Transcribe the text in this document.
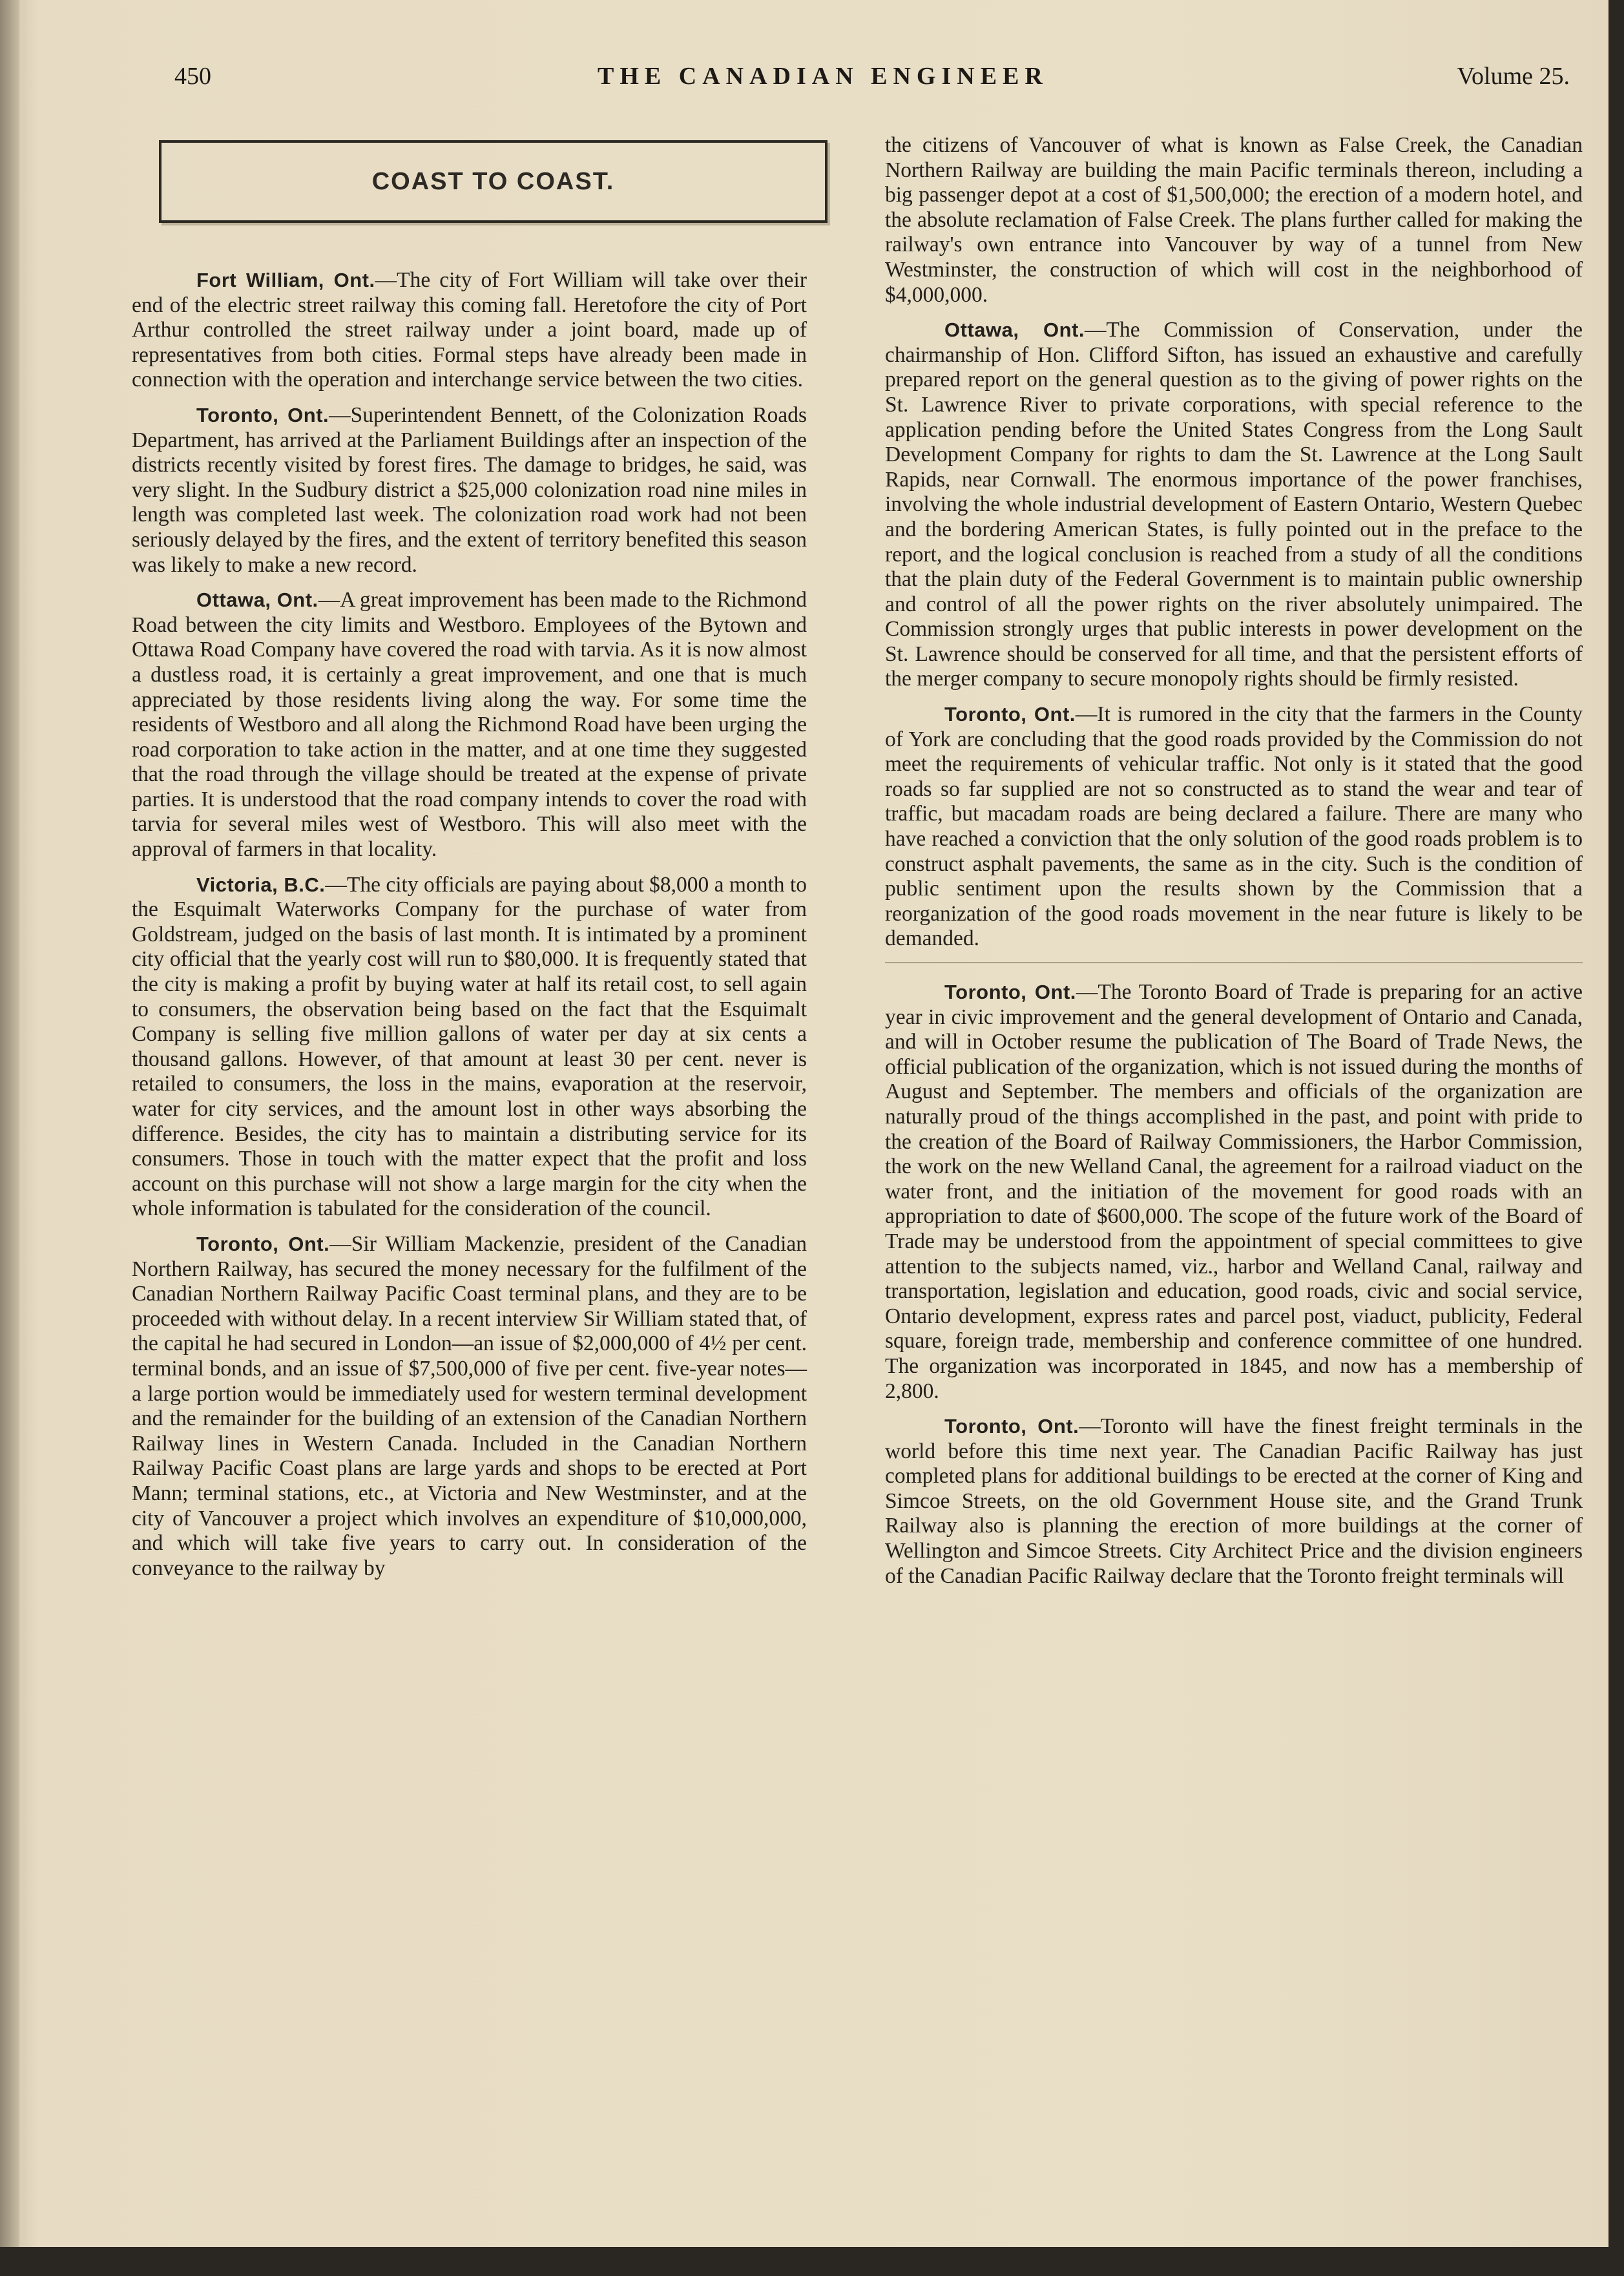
450	THE CANADIAN ENGINEER	Volume 25.
COAST TO COAST.

Fort William, Ont.—The city of Fort William will take over their end of the electric street railway this coming fall. Heretofore the city of Port Arthur controlled the street railway under a joint board, made up of representatives from both cities. Formal steps have already been made in connection with the operation and interchange service between the two cities.

Toronto, Ont.—Superintendent Bennett, of the Colonization Roads Department, has arrived at the Parliament Buildings after an inspection of the districts recently visited by forest fires. The damage to bridges, he said, was very slight. In the Sudbury district a $25,000 colonization road nine miles in length was completed last week. The colonization road work had not been seriously delayed by the fires, and the extent of territory benefited this season was likely to make a new record.

Ottawa, Ont.—A great improvement has been made to the Richmond Road between the city limits and Westboro. Employees of the Bytown and Ottawa Road Company have covered the road with tarvia. As it is now almost a dustless road, it is certainly a great improvement, and one that is much appreciated by those residents living along the way. For some time the residents of Westboro and all along the Richmond Road have been urging the road corporation to take action in the matter, and at one time they suggested that the road through the village should be treated at the expense of private parties. It is understood that the road company intends to cover the road with tarvia for several miles west of Westboro. This will also meet with the approval of farmers in that locality.

Victoria, B.C.—The city officials are paying about $8,000 a month to the Esquimalt Waterworks Company for the purchase of water from Goldstream, judged on the basis of last month. It is intimated by a prominent city official that the yearly cost will run to $80,000. It is frequently stated that the city is making a profit by buying water at half its retail cost, to sell again to consumers, the observation being based on the fact that the Esquimalt Company is selling five million gallons of water per day at six cents a thousand gallons. However, of that amount at least 30 per cent. never is retailed to consumers, the loss in the mains, evaporation at the reservoir, water for city services, and the amount lost in other ways absorbing the difference. Besides, the city has to maintain a distributing service for its consumers. Those in touch with the matter expect that the profit and loss account on this purchase will not show a large margin for the city when the whole information is tabulated for the consideration of the council.

Toronto, Ont.—Sir William Mackenzie, president of the Canadian Northern Railway, has secured the money necessary for the fulfilment of the Canadian Northern Railway Pacific Coast terminal plans, and they are to be proceeded with without delay. In a recent interview Sir William stated that, of the capital he had secured in London—an issue of $2,000,000 of 4½ per cent. terminal bonds, and an issue of $7,500,000 of five per cent. five-year notes—a large portion would be immediately used for western terminal development and the remainder for the building of an extension of the Canadian Northern Railway lines in Western Canada. Included in the Canadian Northern Railway Pacific Coast plans are large yards and shops to be erected at Port Mann; terminal stations, etc., at Victoria and New Westminster, and at the city of Vancouver a project which involves an expenditure of $10,000,000, and which will take five years to carry out. In consideration of the conveyance to the railway by

the citizens of Vancouver of what is known as False Creek, the Canadian Northern Railway are building the main Pacific terminals thereon, including a big passenger depot at a cost of $1,500,000; the erection of a modern hotel, and the absolute reclamation of False Creek. The plans further called for making the railway's own entrance into Vancouver by way of a tunnel from New Westminster, the construction of which will cost in the neighborhood of $4,000,000.

Ottawa, Ont.—The Commission of Conservation, under the chairmanship of Hon. Clifford Sifton, has issued an exhaustive and carefully prepared report on the general question as to the giving of power rights on the St. Lawrence River to private corporations, with special reference to the application pending before the United States Congress from the Long Sault Development Company for rights to dam the St. Lawrence at the Long Sault Rapids, near Cornwall. The enormous importance of the power franchises, involving the whole industrial development of Eastern Ontario, Western Quebec and the bordering American States, is fully pointed out in the preface to the report, and the logical conclusion is reached from a study of all the conditions that the plain duty of the Federal Government is to maintain public ownership and control of all the power rights on the river absolutely unimpaired. The Commission strongly urges that public interests in power development on the St. Lawrence should be conserved for all time, and that the persistent efforts of the merger company to secure monopoly rights should be firmly resisted.

Toronto, Ont.—It is rumored in the city that the farmers in the County of York are concluding that the good roads provided by the Commission do not meet the requirements of vehicular traffic. Not only is it stated that the good roads so far supplied are not so constructed as to stand the wear and tear of traffic, but macadam roads are being declared a failure. There are many who have reached a conviction that the only solution of the good roads problem is to construct asphalt pavements, the same as in the city. Such is the condition of public sentiment upon the results shown by the Commission that a reorganization of the good roads movement in the near future is likely to be demanded.

Toronto, Ont.—The Toronto Board of Trade is preparing for an active year in civic improvement and the general development of Ontario and Canada, and will in October resume the publication of The Board of Trade News, the official publication of the organization, which is not issued during the months of August and September. The members and officials of the organization are naturally proud of the things accomplished in the past, and point with pride to the creation of the Board of Railway Commissioners, the Harbor Commission, the work on the new Welland Canal, the agreement for a railroad viaduct on the water front, and the initiation of the movement for good roads with an appropriation to date of $600,000. The scope of the future work of the Board of Trade may be understood from the appointment of special committees to give attention to the subjects named, viz., harbor and Welland Canal, railway and transportation, legislation and education, good roads, civic and social service, Ontario development, express rates and parcel post, viaduct, publicity, Federal square, foreign trade, membership and conference committee of one hundred. The organization was incorporated in 1845, and now has a membership of 2,800.

Toronto, Ont.—Toronto will have the finest freight terminals in the world before this time next year. The Canadian Pacific Railway has just completed plans for additional buildings to be erected at the corner of King and Simcoe Streets, on the old Government House site, and the Grand Trunk Railway also is planning the erection of more buildings at the corner of Wellington and Simcoe Streets. City Architect Price and the division engineers of the Canadian Pacific Railway declare that the Toronto freight terminals will
